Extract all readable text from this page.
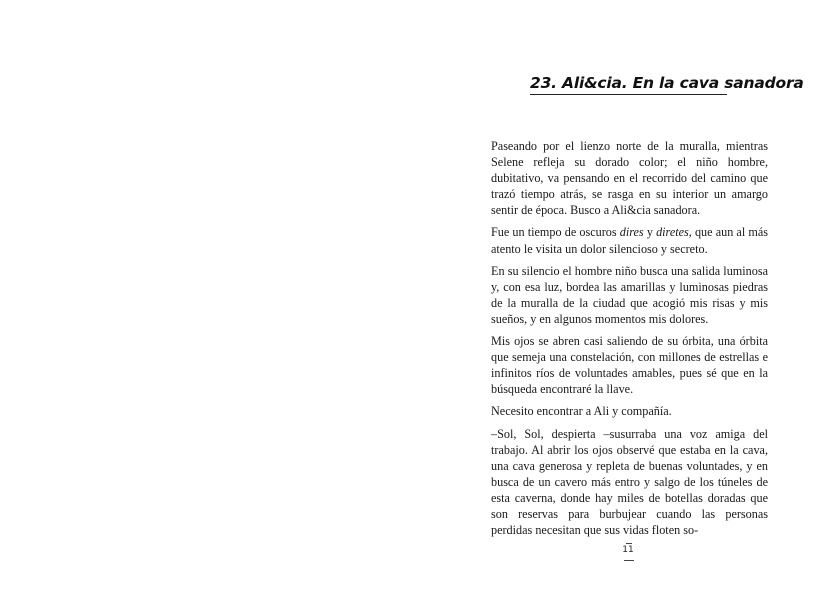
23. Ali&cia. En la cava sanadora

Paseando por el lienzo norte de la muralla, mientras Selene refleja su dorado color; el niño hombre, dubitativo, va pensando en el recorrido del camino que trazó tiempo atrás, se rasga en su interior un amargo sentir de época. Busco a Ali&cia sanadora.

Fue un tiempo de oscuros dires y diretes, que aun al más atento le visita un dolor silencioso y secreto.

En su silencio el hombre niño busca una salida luminosa y, con esa luz, bordea las amarillas y luminosas piedras de la muralla de la ciudad que acogió mis risas y mis sueños, y en algunos momentos mis dolores.

Mis ojos se abren casi saliendo de su órbita, una órbita que semeja una constelación, con millones de estrellas e infinitos ríos de voluntades amables, pues sé que en la búsqueda encontraré la llave.

Necesito encontrar a Ali y compañía.

–Sol, Sol, despierta –susurraba una voz amiga del trabajo. Al abrir los ojos observé que estaba en la cava, una cava generosa y repleta de buenas voluntades, y en busca de un cavero más entro y salgo de los túneles de esta caverna, donde hay miles de botellas doradas que son reservas para burbujear cuando las personas perdidas necesitan que sus vidas floten so-

11
